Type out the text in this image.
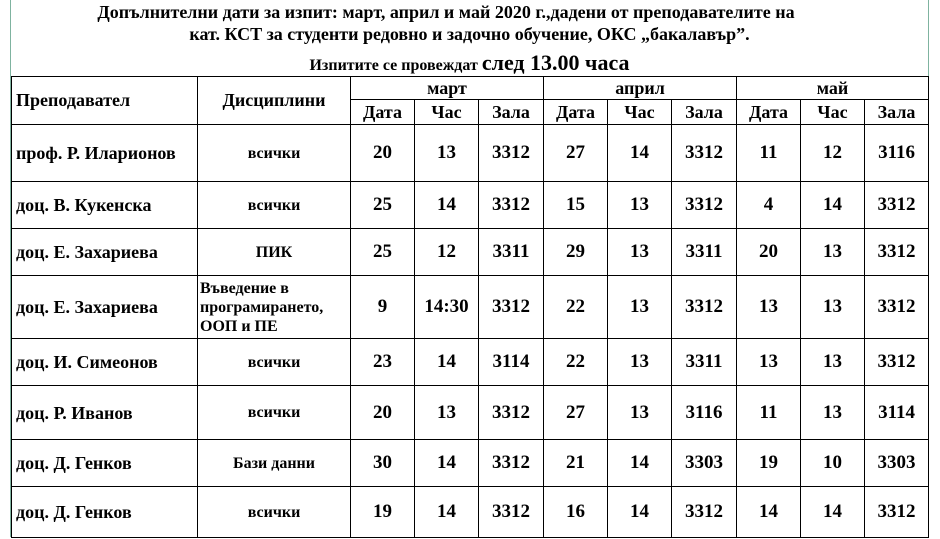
Допълнителни дати за изпит: март, април и май 2020 г.,дадени от преподавателите на
кат. КСТ за студенти редовно и задочно обучение, ОКС „бакалавър”.
Изпитите се провеждат след 13.00 часа
Преподавател	Дисциплини	март			април			май		
		Дата	Час	Зала	Дата	Час	Зала	Дата	Час	Зала
проф. Р. Иларионов	всички	20	13	3312	27	14	3312	11	12	3116
доц. В. Кукенска	всички	25	14	3312	15	13	3312	4	14	3312
доц. Е. Захариева	ПИК	25	12	3311	29	13	3311	20	13	3312
доц. Е. Захариева	Въведение в програмирането, ООП и ПЕ	9	14:30	3312	22	13	3312	13	13	3312
доц. И. Симеонов	всички	23	14	3114	22	13	3311	13	13	3312
доц. Р. Иванов	всички	20	13	3312	27	13	3116	11	13	3114
доц. Д. Генков	Бази данни	30	14	3312	21	14	3303	19	10	3303
доц. Д. Генков	всички	19	14	3312	16	14	3312	14	14	3312
